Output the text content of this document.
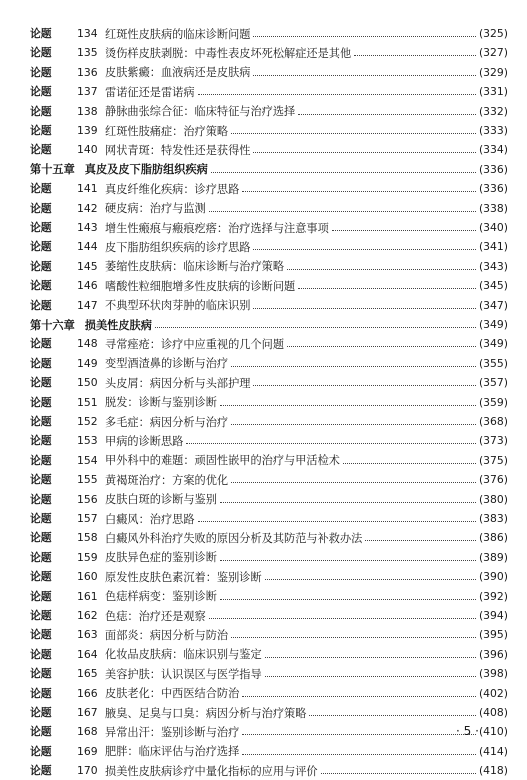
论题	134 红斑性皮肤病的临床诊断问题	(325)
论题	135 烫伤样皮肤剥脱：中毒性表皮坏死松解症还是其他	(327)
论题	136 皮肤紫癜：血液病还是皮肤病	(329)
论题	137 雷诺征还是雷诺病	(331)
论题	138 静脉曲张综合征：临床特征与治疗选择	(332)
论题	139 红斑性肢痛症：治疗策略	(333)
论题	140 网状青斑：特发性还是获得性	(334)
第十五章 真皮及皮下脂肪组织疾病	(336)
论题	141 真皮纤维化疾病：诊疗思路	(336)
论题	142 硬皮病：治疗与监测	(338)
论题	143 增生性瘢痕与瘢痕疙瘩：治疗选择与注意事项	(340)
论题	144 皮下脂肪组织疾病的诊疗思路	(341)
论题	145 萎缩性皮肤病：临床诊断与治疗策略	(343)
论题	146 嗜酸性粒细胞增多性皮肤病的诊断问题	(345)
论题	147 不典型环状肉芽肿的临床识别	(347)
第十六章 损美性皮肤病	(349)
论题	148 寻常痤疮：诊疗中应重视的几个问题	(349)
论题	149 变型酒渣鼻的诊断与治疗	(355)
论题	150 头皮屑：病因分析与头部护理	(357)
论题	151 脱发：诊断与鉴别诊断	(359)
论题	152 多毛症：病因分析与治疗	(368)
论题	153 甲病的诊断思路	(373)
论题	154 甲外科中的难题：顽固性嵌甲的治疗与甲活检术	(375)
论题	155 黄褐斑治疗：方案的优化	(376)
论题	156 皮肤白斑的诊断与鉴别	(380)
论题	157 白癜风：治疗思路	(383)
论题	158 白癜风外科治疗失败的原因分析及其防范与补救办法	(386)
论题	159 皮肤异色症的鉴别诊断	(389)
论题	160 原发性皮肤色素沉着：鉴别诊断	(390)
论题	161 色痣样病变：鉴别诊断	(392)
论题	162 色痣：治疗还是观察	(394)
论题	163 面部炎：病因分析与防治	(395)
论题	164 化妆品皮肤病：临床识别与鉴定	(396)
论题	165 美容护肤：认识误区与医学指导	(398)
论题	166 皮肤老化：中西医结合防治	(402)
论题	167 腋臭、足臭与口臭：病因分析与治疗策略	(408)
论题	168 异常出汗：鉴别诊断与治疗	(410)
论题	169 肥胖：临床评估与治疗选择	(414)
论题	170 损美性皮肤病诊疗中量化指标的应用与评价	(418)
· 5 ·
